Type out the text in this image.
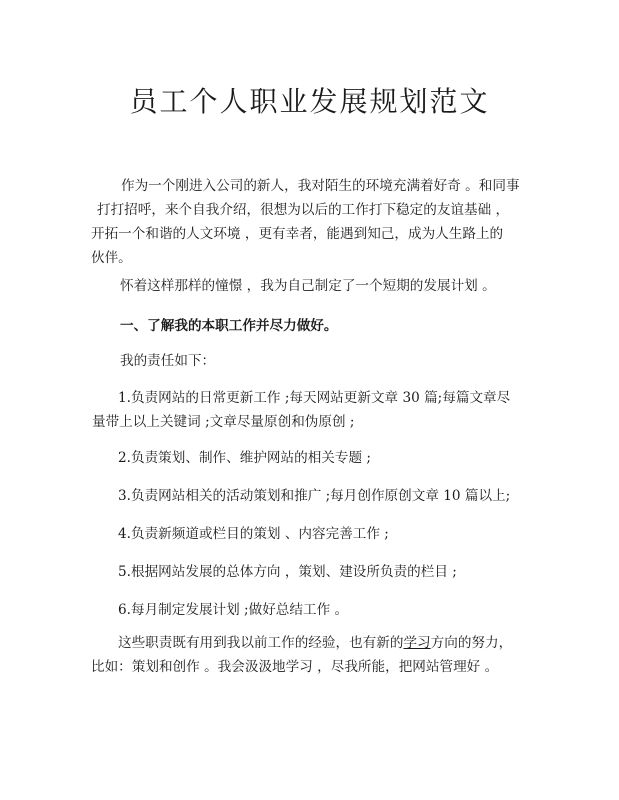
员工个人职业发展规划范文

作为一个刚进入公司的新人，我对陌生的环境充满着好奇 。和同事
打打招呼，来个自我介绍，很想为以后的工作打下稳定的友谊基础 ，
开拓一个和谐的人文环境 ，更有幸者，能遇到知己，成为人生路上的
伙伴。

怀着这样那样的憧憬 ，我为自己制定了一个短期的发展计划 。

一、了解我的本职工作并尽力做好。

我的责任如下：

1.负责网站的日常更新工作 ;每天网站更新文章 30 篇;每篇文章尽
量带上以上关键词 ;文章尽量原创和伪原创 ;

2.负责策划、制作、维护网站的相关专题 ;

3.负责网站相关的活动策划和推广 ;每月创作原创文章 10 篇以上;

4.负责新频道或栏目的策划 、内容完善工作 ;

5.根据网站发展的总体方向 ，策划、建设所负责的栏目 ;

6.每月制定发展计划 ;做好总结工作 。

这些职责既有用到我以前工作的经验，也有新的学习方向的努力，
比如：策划和创作 。我会汲汲地学习 ，尽我所能，把网站管理好 。
